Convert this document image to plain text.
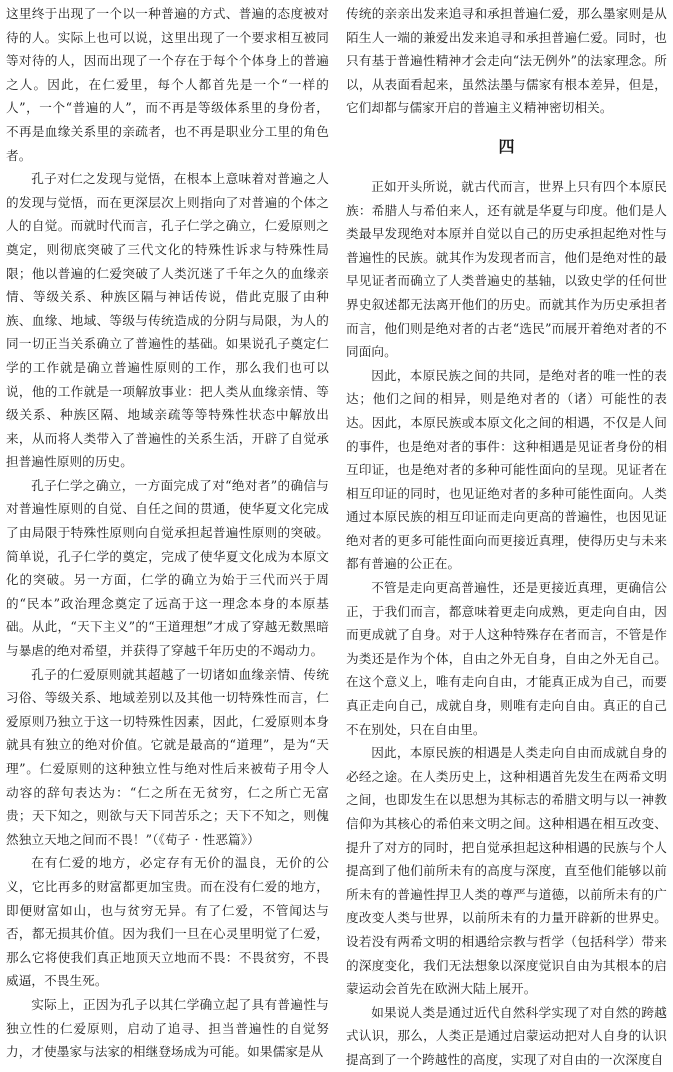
这里终于出现了一个以一种普遍的方式、普遍的态度被对待的人。实际上也可以说，这里出现了一个要求相互被同等对待的人，因而出现了一个存在于每个个体身上的普遍之人。因此，在仁爱里，每个人都首先是一个“一样的人”，一个“普遍的人”，而不再是等级体系里的身份者，不再是血缘关系里的亲疏者，也不再是职业分工里的角色者。

孔子对仁之发现与觉悟，在根本上意味着对普遍之人的发现与觉悟，而在更深层次上则指向了对普遍的个体之人的自觉。而就时代而言，孔子仁学之确立，仁爱原则之奠定，则彻底突破了三代文化的特殊性诉求与特殊性局限；他以普遍的仁爱突破了人类沉迷了千年之久的血缘亲情、等级关系、种族区隔与神话传说，借此克服了由种族、血缘、地域、等级与传统造成的分阴与局限，为人的同一切正当关系确立了普遍性的基础。如果说孔子奠定仁学的工作就是确立普遍性原则的工作，那么我们也可以说，他的工作就是一项解放事业：把人类从血缘亲情、等级关系、种族区隔、地域亲疏等等特殊性状态中解放出来，从而将人类带入了普遍性的关系生活，开辟了自觉承担普遍性原则的历史。

孔子仁学之确立，一方面完成了对“绝对者”的确信与对普遍性原则的自觉、自任之间的贯通，使华夏文化完成了由局限于特殊性原则向自觉承担起普遍性原则的突破。简单说，孔子仁学的奠定，完成了使华夏文化成为本原文化的突破。另一方面，仁学的确立为始于三代而兴于周的“民本”政治理念奠定了远高于这一理念本身的本原基础。从此，“天下主义”的“王道理想”才成了穿越无数黑暗与暴虐的绝对希望，并获得了穿越千年历史的不竭动力。

孔子的仁爱原则就其超越了一切诸如血缘亲情、传统习俗、等级关系、地域差别以及其他一切特殊性而言，仁爱原则乃独立于这一切特殊性因素，因此，仁爱原则本身就具有独立的绝对价值。它就是最高的“道理”，是为“天理”。仁爱原则的这种独立性与绝对性后来被荀子用令人动容的辞句表达为：“仁之所在无贫穷，仁之所亡无富贵；天下知之，则欲与天下同苦乐之；天下不知之，则傀然独立天地之间而不畏！”（《荀子 · 性恶篇》）

在有仁爱的地方，必定存有无价的温良，无价的公义，它比再多的财富都更加宝贵。而在没有仁爱的地方，即便财富如山，也与贫穷无异。有了仁爱，不管闻达与否，都无损其价值。因为我们一旦在心灵里明觉了仁爱，那么它将使我们真正地顶天立地而不畏：不畏贫穷，不畏威逼，不畏生死。

实际上，正因为孔子以其仁学确立起了具有普遍性与独立性的仁爱原则，启动了追寻、担当普遍性的自觉努力，才使墨家与法家的相继登场成为可能。如果儒家是从

传统的亲亲出发来追寻和承担普遍仁爱，那么墨家则是从陌生人一端的兼爱出发来追寻和承担普遍仁爱。同时，也只有基于普遍性精神才会走向“法无例外”的法家理念。所以，从表面看起来，虽然法墨与儒家有根本差异，但是，它们却都与儒家开启的普遍主义精神密切相关。

四

正如开头所说，就古代而言，世界上只有四个本原民族：希腊人与希伯来人，还有就是华夏与印度。他们是人类最早发现绝对本原并自觉以自己的历史承担起绝对性与普遍性的民族。就其作为发现者而言，他们是绝对性的最早见证者而确立了人类普遍史的基轴，以致史学的任何世界史叙述都无法离开他们的历史。而就其作为历史承担者而言，他们则是绝对者的古老“选民”而展开着绝对者的不同面向。

因此，本原民族之间的共同，是绝对者的唯一性的表达；他们之间的相异，则是绝对者的（诸）可能性的表达。因此，本原民族或本原文化之间的相遇，不仅是人间的事件，也是绝对者的事件：这种相遇是见证者身份的相互印证，也是绝对者的多种可能性面向的呈现。见证者在相互印证的同时，也见证绝对者的多种可能性面向。人类通过本原民族的相互印证而走向更高的普遍性，也因见证绝对者的更多可能性面向而更接近真理，使得历史与未来都有普遍的公正在。

不管是走向更高普遍性，还是更接近真理，更确信公正，于我们而言，都意味着更走向成熟，更走向自由，因而更成就了自身。对于人这种特殊存在者而言，不管是作为类还是作为个体，自由之外无自身，自由之外无自己。在这个意义上，唯有走向自由，才能真正成为自己，而要真正走向自己，成就自身，则唯有走向自由。真正的自己不在别处，只在自由里。

因此，本原民族的相遇是人类走向自由而成就自身的必经之途。在人类历史上，这种相遇首先发生在两希文明之间，也即发生在以思想为其标志的希腊文明与以一神教信仰为其核心的希伯来文明之间。这种相遇在相互改变、提升了对方的同时，把自觉承担起这种相遇的民族与个人提高到了他们前所未有的高度与深度，直至他们能够以前所未有的普遍性捍卫人类的尊严与道德，以前所未有的广度改变人类与世界，以前所未有的力量开辟新的世界史。设若没有两希文明的相遇给宗教与哲学（包括科学）带来的深度变化，我们无法想象以深度觉识自由为其根本的启蒙运动会首先在欧洲大陆上展开。

如果说人类是通过近代自然科学实现了对自然的跨越式认识，那么，人类正是通过启蒙运动把对人自身的认识提高到了一个跨越性的高度，实现了对自由的一次深度自
